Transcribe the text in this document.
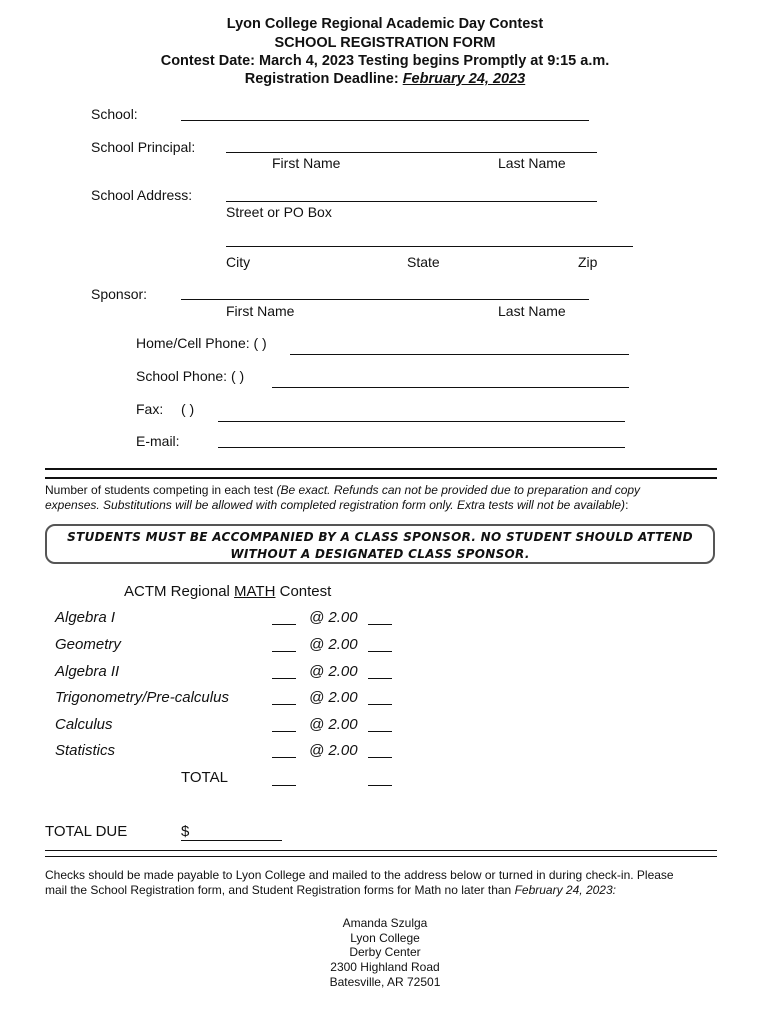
Lyon College Regional Academic Day Contest
SCHOOL REGISTRATION FORM
Contest Date: March 4, 2023 Testing begins Promptly at 9:15 a.m.
Registration Deadline: February 24, 2023
School:
School Principal:
First Name	Last Name
School Address:
Street or PO Box
City	State	Zip
Sponsor:
First Name	Last Name
Home/Cell Phone: ( )
School Phone: ( )
Fax: ( )
E-mail:
Number of students competing in each test (Be exact. Refunds can not be provided due to preparation and copy
expenses. Substitutions will be allowed with completed registration form only. Extra tests will not be available):
STUDENTS MUST BE ACCOMPANIED BY A CLASS SPONSOR. NO STUDENT SHOULD ATTEND
WITHOUT A DESIGNATED CLASS SPONSOR.
ACTM Regional MATH Contest
Algebra I	@ 2.00
Geometry	@ 2.00
Algebra II	@ 2.00
Trigonometry/Pre-calculus	@ 2.00
Calculus	@ 2.00
Statistics	@ 2.00
TOTAL
TOTAL DUE	$
Checks should be made payable to Lyon College and mailed to the address below or turned in during check-in. Please
mail the School Registration form, and Student Registration forms for Math no later than February 24, 2023:
Amanda Szulga
Lyon College
Derby Center
2300 Highland Road
Batesville, AR 72501
